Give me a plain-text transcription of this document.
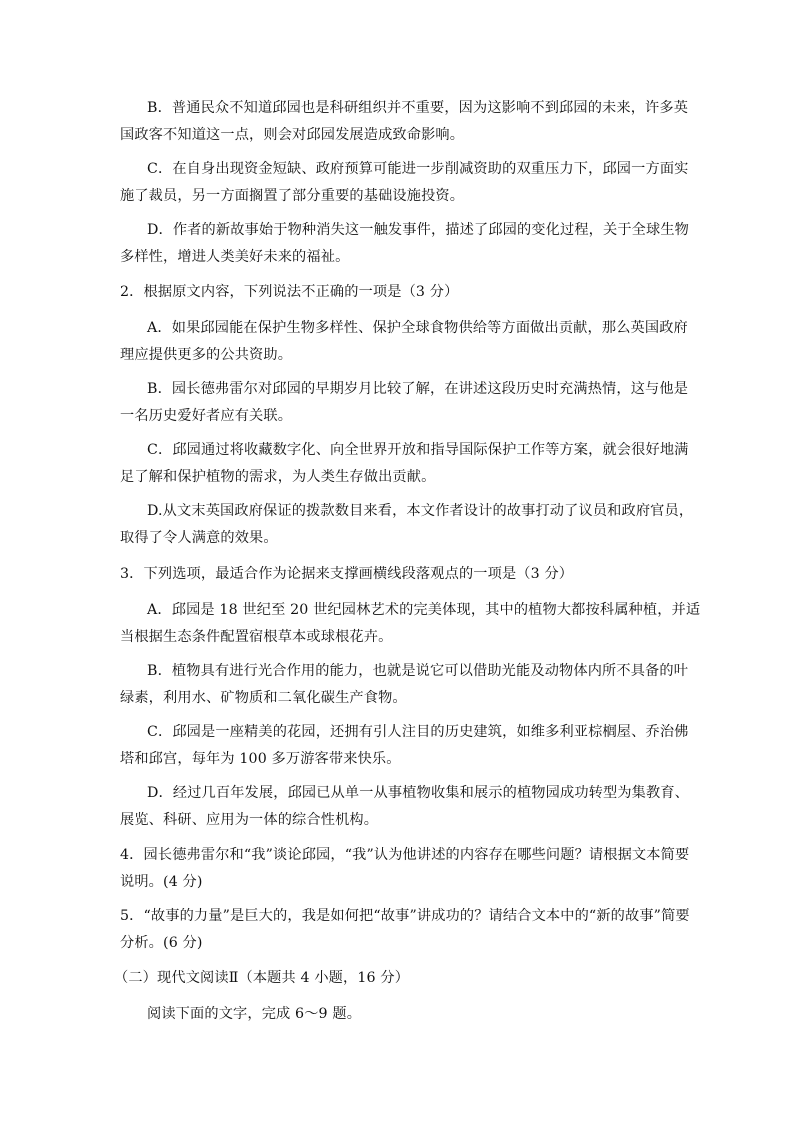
B．普通民众不知道邱园也是科研组织并不重要，因为这影响不到邱园的未来，许多英
国政客不知道这一点，则会对邱园发展造成致命影响。
C．在自身出现资金短缺、政府预算可能进一步削减资助的双重压力下，邱园一方面实
施了裁员，另一方面搁置了部分重要的基础设施投资。
D．作者的新故事始于物种消失这一触发事件，描述了邱园的变化过程，关于全球生物
多样性，增进人类美好未来的福祉。
2．根据原文内容，下列说法不正确的一项是（3 分）
A．如果邱园能在保护生物多样性、保护全球食物供给等方面做出贡献，那么英国政府
理应提供更多的公共资助。
B．园长德弗雷尔对邱园的早期岁月比较了解，在讲述这段历史时充满热情，这与他是
一名历史爱好者应有关联。
C．邱园通过将收藏数字化、向全世界开放和指导国际保护工作等方案，就会很好地满
足了解和保护植物的需求，为人类生存做出贡献。
D.从文末英国政府保证的拨款数目来看，本文作者设计的故事打动了议员和政府官员，
取得了令人满意的效果。
3．下列选项，最适合作为论据来支撑画横线段落观点的一项是（3 分）
A．邱园是 18 世纪至 20 世纪园林艺术的完美体现，其中的植物大都按科属种植，并适
当根据生态条件配置宿根草本或球根花卉。
B．植物具有进行光合作用的能力，也就是说它可以借助光能及动物体内所不具备的叶
绿素，利用水、矿物质和二氧化碳生产食物。
C．邱园是一座精美的花园，还拥有引人注目的历史建筑，如维多利亚棕榈屋、乔治佛
塔和邱宫，每年为 100 多万游客带来快乐。
D．经过几百年发展，邱园已从单一从事植物收集和展示的植物园成功转型为集教育、
展览、科研、应用为一体的综合性机构。
4．园长德弗雷尔和“我”谈论邱园，“我”认为他讲述的内容存在哪些问题？请根据文本简要
说明。(4 分)
5．“故事的力量”是巨大的，我是如何把“故事”讲成功的？请结合文本中的“新的故事”简要
分析。(6 分)
（二）现代文阅读Ⅱ（本题共 4 小题，16 分）
阅读下面的文字，完成 6～9 题。
